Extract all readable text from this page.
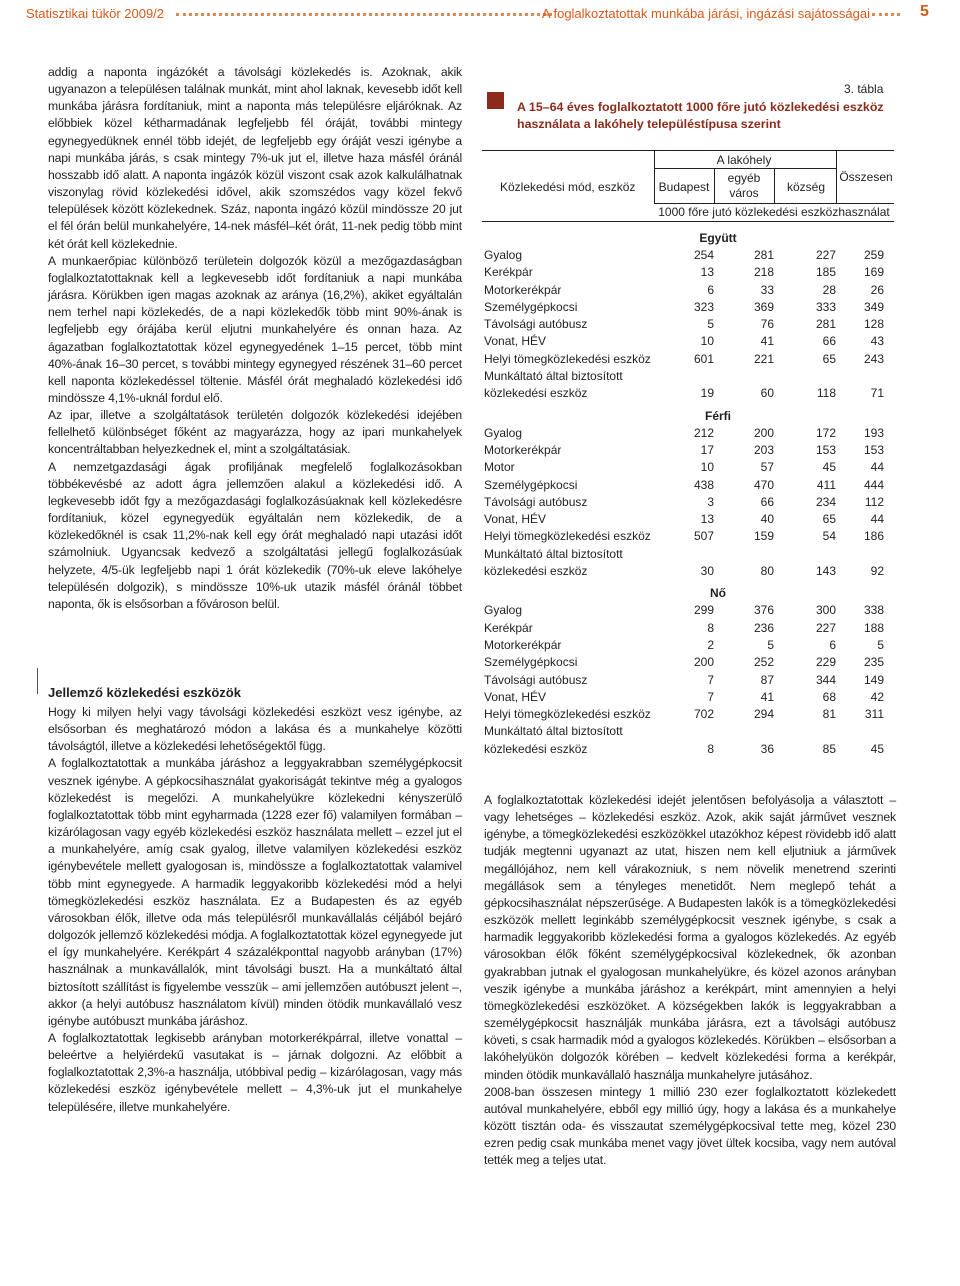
Statisztikai tükör 2009/2	A foglalkoztatottak munkába járási, ingázási sajátosságai	5

addig a naponta ingázókét a távolsági közlekedés is. Azoknak, akik ugyanazon a településen találnak munkát, mint ahol laknak, kevesebb időt kell munkába járásra fordítaniuk, mint a naponta más településre eljáróknak. Az előbbiek közel kétharmadának legfeljebb fél óráját, további mintegy egynegyedüknek ennél több idejét, de legfeljebb egy óráját veszi igénybe a napi munkába járás, s csak mintegy 7%-uk jut el, illetve haza másfél óránál hosszabb idő alatt. A naponta ingázók közül viszont csak azok kalkulálhatnak viszonylag rövid közlekedési idővel, akik szomszédos vagy közel fekvő települések között közlekednek. Száz, naponta ingázó közül mindössze 20 jut el fél órán belül munkahelyére, 14-nek másfél–két órát, 11-nek pedig több mint két órát kell közlekednie.

A munkaerőpiac különböző területein dolgozók közül a mezőgazdaságban foglalkoztatottaknak kell a legkevesebb időt fordítaniuk a napi munkába járásra. Körükben igen magas azoknak az aránya (16,2%), akiket egyáltalán nem terhel napi közlekedés, de a napi közlekedők több mint 90%-ának is legfeljebb egy órájába kerül eljutni munkahelyére és onnan haza. Az ágazatban foglalkoztatottak közel egynegyedének 1–15 percet, több mint 40%-ának 16–30 percet, s további mintegy egynegyed részének 31–60 percet kell naponta közlekedéssel töltenie. Másfél órát meghaladó közlekedési idő mindössze 4,1%-uknál fordul elő.

Az ipar, illetve a szolgáltatások területén dolgozók közlekedési idejében fellelhető különbséget főként az magyarázza, hogy az ipari munkahelyek koncentráltabban helyezkednek el, mint a szolgáltatásiak.

A nemzetgazdasági ágak profiljának megfelelő foglalkozásokban többékevésbé az adott ágra jellemzően alakul a közlekedési idő. A legkevesebb időt fgy a mezőgazdasági foglalkozásúaknak kell közlekedésre fordítaniuk, közel egynegyedük egyáltalán nem közlekedik, de a közlekedőknél is csak 11,2%-nak kell egy órát meghaladó napi utazási időt számolniuk. Ugyancsak kedvező a szolgáltatási jellegű foglalkozásúak helyzete, 4/5-ük legfeljebb napi 1 órát közlekedik (70%-uk eleve lakóhelye településén dolgozik), s mindössze 10%-uk utazik másfél óránál többet naponta, ők is elsősorban a fővároson belül.

Jellemző közlekedési eszközök

Hogy ki milyen helyi vagy távolsági közlekedési eszközt vesz igénybe, az elsősorban és meghatározó módon a lakása és a munkahelye közötti távolságtól, illetve a közlekedési lehetőségektől függ.

A foglalkoztatottak a munkába járáshoz a leggyakrabban személygépkocsit vesznek igénybe. A gépkocsihasználat gyakoriságát tekintve még a gyalogos közlekedést is megelőzi. A munkahelyükre közlekedni kényszerülő foglalkoztatottak több mint egyharmada (1228 ezer fő) valamilyen formában – kizárólagosan vagy egyéb közlekedési eszköz használata mellett – ezzel jut el a munkahelyére, amíg csak gyalog, illetve valamilyen közlekedési eszköz igénybevétele mellett gyalogosan is, mindössze a foglalkoztatottak valamivel több mint egynegyede. A harmadik leggyakoribb közlekedési mód a helyi tömegközlekedési eszköz használata. Ez a Budapesten és az egyéb városokban élők, illetve oda más településről munkavállalás céljából bejáró dolgozók jellemző közlekedési módja. A foglalkoztatottak közel egynegyede jut el így munkahelyére. Kerékpárt 4 százalékponttal nagyobb arányban (17%) használnak a munkavállalók, mint távolsági buszt. Ha a munkáltató által biztosított szállítást is figyelembe vesszük – ami jellemzően autóbuszt jelent –, akkor (a helyi autóbusz használatom kívül) minden ötödik munkavállaló vesz igénybe autóbuszt munkába járáshoz.

A foglalkoztatottak legkisebb arányban motorkerékpárral, illetve vonattal – beleértve a helyiérdekű vasutakat is – járnak dolgozni. Az előbbit a foglalkoztatottak 2,3%-a használja, utóbbival pedig – kizárólagosan, vagy más közlekedési eszköz igénybevétele mellett – 4,3%-uk jut el munkahelye településére, illetve munkahelyére.

3. tábla

A 15–64 éves foglalkoztatott 1000 főre jutó közlekedési eszköz használata a lakóhely településtípusa szerint

Közlekedési mód, eszköz
A lakóhely
Budapest
egyéb város	község
Összesen
1000 főre jutó közlekedési eszközhasználat
Együtt
Gyalog	254	281	227	259
Kerékpár	13	218	185	169
Motorkerékpár	6	33	28	26
Személygépkocsi	323	369	333	349
Távolsági autóbusz	5	76	281	128
Vonat, HÉV	10	41	66	43
Helyi tömegközlekedési eszköz	601	221	65	243
Munkáltató által biztosított
közlekedési eszköz	19	60	118	71
Férfi
Gyalog	212	200	172	193
Motorkerékpár	17	203	153	153
Motor	10	57	45	44
Személygépkocsi	438	470	411	444
Távolsági autóbusz	3	66	234	112
Vonat, HÉV	13	40	65	44
Helyi tömegközlekedési eszköz	507	159	54	186
Munkáltató által biztosított
közlekedési eszköz	30	80	143	92
Nő
Gyalog	299	376	300	338
Kerékpár	8	236	227	188
Motorkerékpár	2	5	6	5
Személygépkocsi	200	252	229	235
Távolsági autóbusz	7	87	344	149
Vonat, HÉV	7	41	68	42
Helyi tömegközlekedési eszköz	702	294	81	311
Munkáltató által biztosított
közlekedési eszköz	8	36	85	45

A foglalkoztatottak közlekedési idejét jelentősen befolyásolja a választott – vagy lehetséges – közlekedési eszköz. Azok, akik saját járművet vesznek igénybe, a tömegközlekedési eszközökkel utazókhoz képest rövidebb idő alatt tudják megtenni ugyanazt az utat, hiszen nem kell eljutniuk a járművek megállójához, nem kell várakozniuk, s nem növelik menetrend szerinti megállások sem a tényleges menetidőt. Nem meglepő tehát a gépkocsihasználat népszerűsége. A Budapesten lakók is a tömegközlekedési eszközök mellett leginkább személygépkocsit vesznek igénybe, s csak a harmadik leggyakoribb közlekedési forma a gyalogos közlekedés. Az egyéb városokban élők főként személygépkocsival közlekednek, ők azonban gyakrabban jutnak el gyalogosan munkahelyükre, és közel azonos arányban veszik igénybe a munkába járáshoz a kerékpárt, mint amennyien a helyi tömegközlekedési eszközöket. A községekben lakók is leggyakrabban a személygépkocsit használják munkába járásra, ezt a távolsági autóbusz követi, s csak harmadik mód a gyalogos közlekedés. Körükben – elsősorban a lakóhelyükön dolgozók körében – kedvelt közlekedési forma a kerékpár, minden ötödik munkavállaló használja munkahelyre jutásához.

2008-ban összesen mintegy 1 millió 230 ezer foglalkoztatott közlekedett autóval munkahelyére, ebből egy millió úgy, hogy a lakása és a munkahelye között tisztán oda- és visszautat személygépkocsival tette meg, közel 230 ezren pedig csak munkába menet vagy jövet ültek kocsiba, vagy nem autóval tették meg a teljes utat.
